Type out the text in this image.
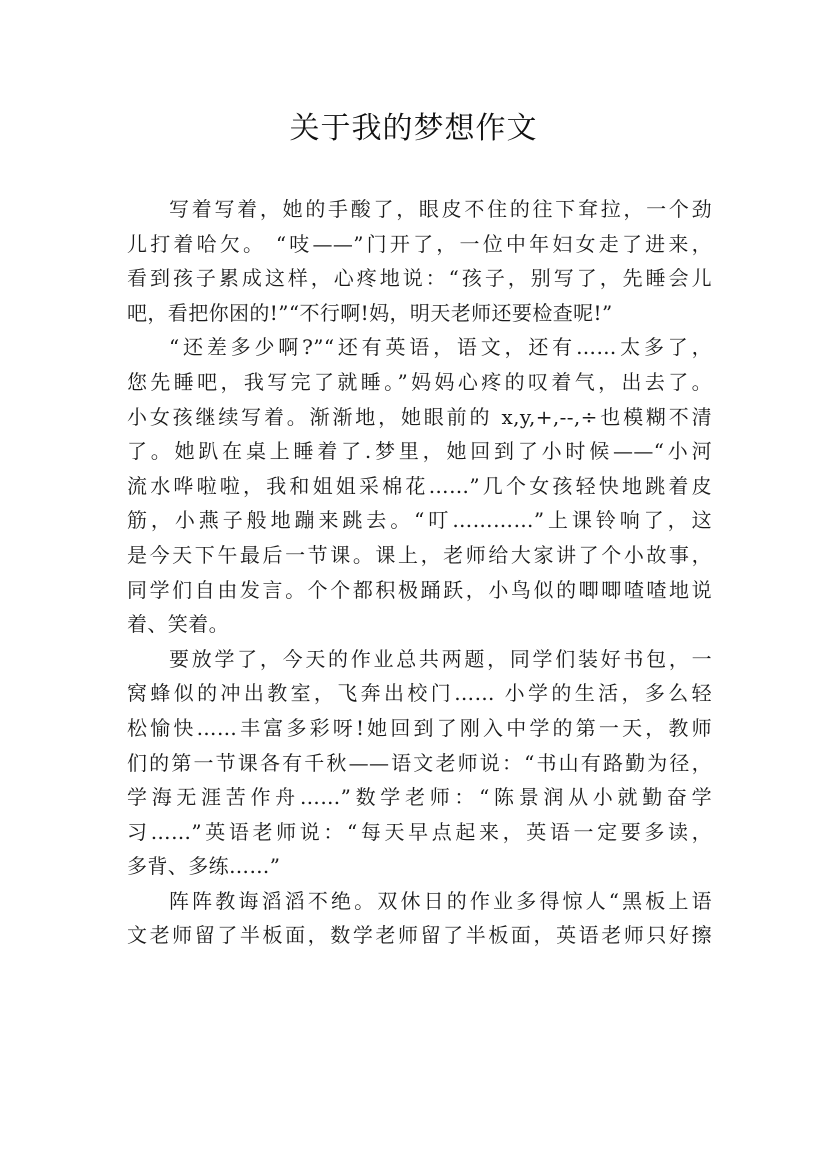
关于我的梦想作文
写着写着，她的手酸了，眼皮不住的往下耷拉，一个劲
儿打着哈欠。 “吱——”门开了，一位中年妇女走了进来，
看到孩子累成这样，心疼地说：“孩子，别写了，先睡会儿
吧，看把你困的!”“不行啊!妈，明天老师还要检查呢!”
“还差多少啊?”“还有英语，语文，还有……太多了，
您先睡吧，我写完了就睡。”妈妈心疼的叹着气，出去了。
小女孩继续写着。渐渐地，她眼前的 x,y,+,--,÷也模糊不清
了。她趴在桌上睡着了.梦里，她回到了小时候——“小河
流水哗啦啦，我和姐姐采棉花……”几个女孩轻快地跳着皮
筋，小燕子般地蹦来跳去。“叮…………”上课铃响了，这
是今天下午最后一节课。课上，老师给大家讲了个小故事，
同学们自由发言。个个都积极踊跃，小鸟似的唧唧喳喳地说
着、笑着。
要放学了，今天的作业总共两题，同学们装好书包，一
窝蜂似的冲出教室，飞奔出校门…… 小学的生活，多么轻
松愉快……丰富多彩呀!她回到了刚入中学的第一天，教师
们的第一节课各有千秋——语文老师说：“书山有路勤为径，
学海无涯苦作舟……”数学老师：“陈景润从小就勤奋学
习……”英语老师说：“每天早点起来，英语一定要多读，
多背、多练……”
阵阵教诲滔滔不绝。双休日的作业多得惊人“黑板上语
文老师留了半板面，数学老师留了半板面，英语老师只好擦
